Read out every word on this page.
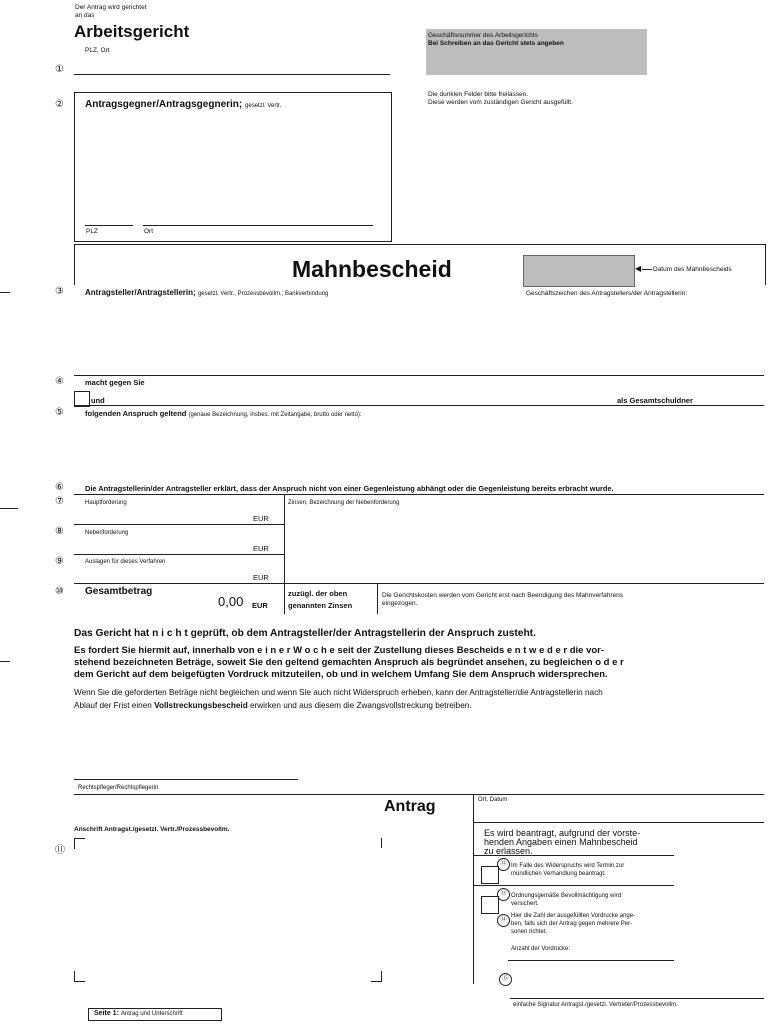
Der Antrag wird gerichtet
an das
Arbeitsgericht
PLZ, Ort
①
Geschäftsnummer des Arbeitsgerichts
Bei Schreiben an das Gericht stets angeben
Die dunklen Felder bitte freilassen.
Diese werden vom zuständigen Gericht ausgefüllt.
② Antragsgegner/Antragsgegnerin; gesetzl. Vertr.
PLZ	Ort
Mahnbescheid	◀ Datum des Mahnbescheids
③	Antragsteller/Antragstellerin; gesetzl. Vertr., Prozessbevollm.; Bankverbindung	Geschäftszeichen des Antragstellers/der Antragstellerin:
④	macht gegen Sie
und	als Gesamtschuldner
⑤	folgenden Anspruch geltend (genaue Bezeichnung, insbes. mit Zeitangabe, brutto oder netto):
⑥	Die Antragstellerin/der Antragsteller erklärt, dass der Anspruch nicht von einer Gegenleistung abhängt oder die Gegenleistung bereits erbracht wurde.
⑦	Hauptforderung
EUR
Zinsen, Bezeichnung der Nebenforderung
⑧	Nebenforderung
EUR
⑨	Auslagen für dieses Verfahren
EUR
⑩ Gesamtbetrag
0,00 EUR
zuzügl. der oben
genannten Zinsen
Die Gerichtskosten werden vom Gericht erst nach Beendigung des Mahnverfahrens
eingezogen.
Das Gericht hat n i c h t geprüft, ob dem Antragsteller/der Antragstellerin der Anspruch zusteht.
Es fordert Sie hiermit auf, innerhalb von e i n e r W o c h e seit der Zustellung dieses Bescheids e n t w e d e r die vor-
stehend bezeichneten Beträge, soweit Sie den geltend gemachten Anspruch als begründet ansehen, zu begleichen o d e r
dem Gericht auf dem beigefügten Vordruck mitzuteilen, ob und in welchem Umfang Sie dem Anspruch widersprechen.
Wenn Sie die geforderten Beträge nicht begleichen und wenn Sie auch nicht Widerspruch erheben, kann der Antragsteller/die Antragstellerin nach
Ablauf der Frist einen Vollstreckungsbescheid erwirken und aus diesem die Zwangsvollstreckung betreiben.
Rechtspfleger/Rechtspflegerin
Antrag	Ort, Datum
Anschrift Antragst./gesetzl. Vertr./Prozessbevollm.
⑪
Es wird beantragt, aufgrund der vorste-
henden Angaben einen Mahnbescheid
zu erlassen.
⑫ Im Falle des Widerspruchs wird Termin zur
mündlichen Verhandlung beantragt.
⑬ Ordnungsgemäße Bevollmächtigung wird
versichert.
⑭
Hier die Zahl der ausgefüllten Vordrucke ange-
ben, falls sich der Antrag gegen mehrere Per-
sonen richtet.
Anzahl der Vordrucke:
⑮
einfache Signatur Antragst./gesetzl. Vertreter/Prozessbevollm.
Seite 1: Antrag und Unterschrift
